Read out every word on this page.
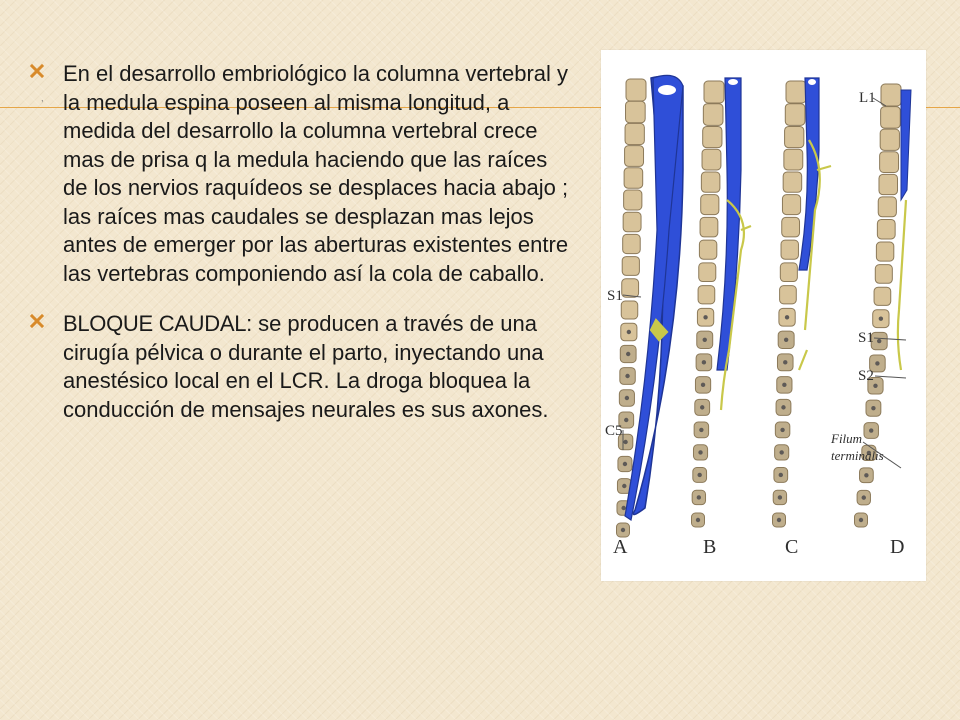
,
En el desarrollo embriológico la columna vertebral y la medula espina poseen al misma longitud, a medida del desarrollo la columna vertebral crece mas de prisa q la medula haciendo que las raíces de los nervios raquídeos se desplaces hacia abajo ; las raíces mas caudales se desplazan mas lejos antes de emerger por las aberturas existentes entre las vertebras componiendo así la cola de caballo.
BLOQUE CAUDAL: se producen a través de una cirugía pélvica o durante el parto, inyectando una anestésico local en el LCR. La droga bloquea la conducción de mensajes neurales es sus axones.
A	B	C	D
S1
C5
L1
S1
S2
Filum
terminalis
